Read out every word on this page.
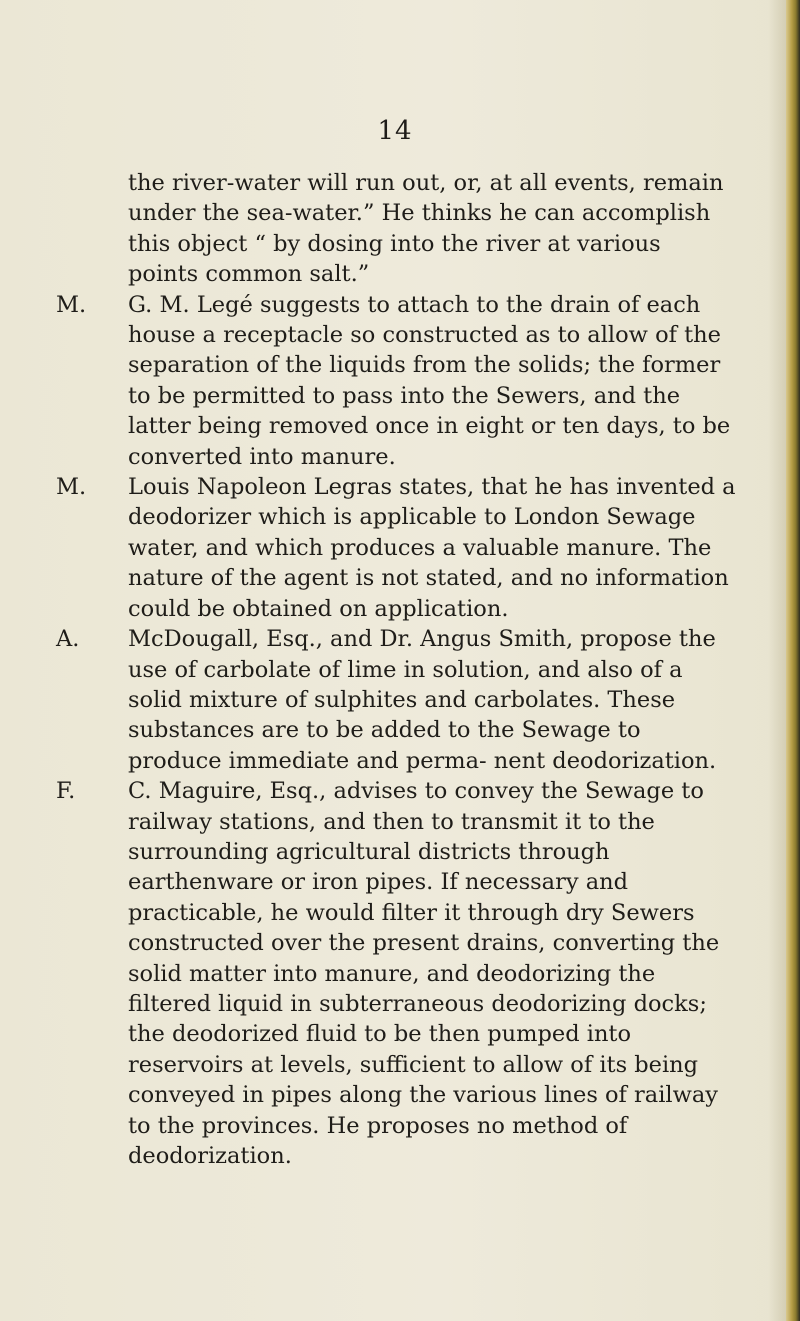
14

the river-water will run out, or, at all events, remain under the sea-water.” He thinks he can accomplish this object “ by dosing into the river at various points common salt.”

M. G. M. Legé suggests to attach to the drain of each house a receptacle so constructed as to allow of the separation of the liquids from the solids; the former to be permitted to pass into the Sewers, and the latter being removed once in eight or ten days, to be converted into manure.

M. Louis Napoleon Legras states, that he has invented a deodorizer which is applicable to London Sewage water, and which produces a valuable manure. The nature of the agent is not stated, and no information could be obtained on application.

A. McDougall, Esq., and Dr. Angus Smith, propose the use of carbolate of lime in solution, and also of a solid mixture of sulphites and carbolates. These substances are to be added to the Sewage to produce immediate and perma- nent deodorization.

F. C. Maguire, Esq., advises to convey the Sewage to railway stations, and then to transmit it to the surrounding agricultural districts through earthenware or iron pipes. If necessary and practicable, he would filter it through dry Sewers constructed over the present drains, converting the solid matter into manure, and deodorizing the filtered liquid in subterraneous deodorizing docks; the deodorized fluid to be then pumped into reservoirs at levels, sufficient to allow of its being conveyed in pipes along the various lines of railway to the provinces. He proposes no method of deodorization.
